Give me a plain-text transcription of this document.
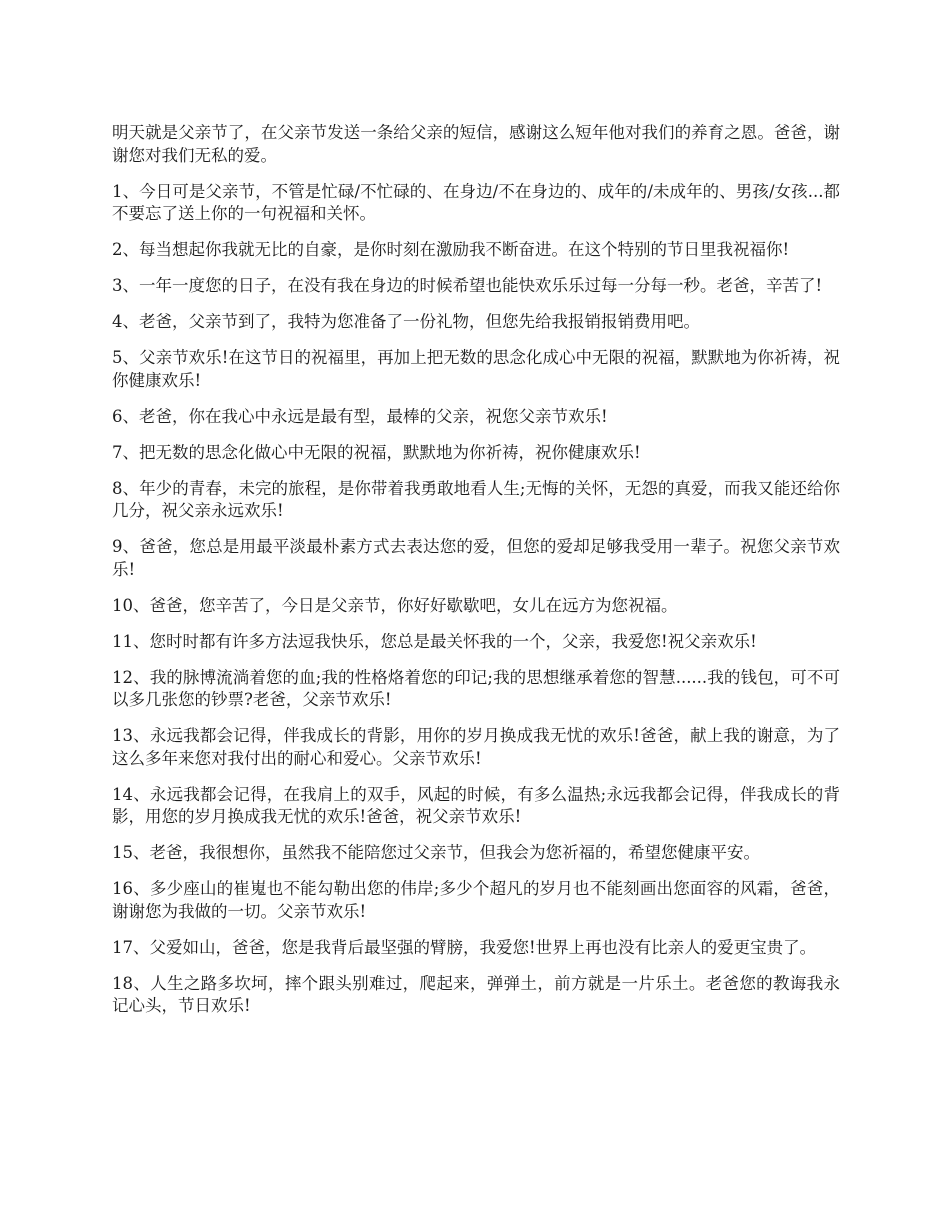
明天就是父亲节了，在父亲节发送一条给父亲的短信，感谢这么短年他对我们的养育之恩。爸爸，谢谢您对我们无私的爱。

1、今日可是父亲节，不管是忙碌/不忙碌的、在身边/不在身边的、成年的/未成年的、男孩/女孩...都不要忘了送上你的一句祝福和关怀。

2、每当想起你我就无比的自豪，是你时刻在激励我不断奋进。在这个特别的节日里我祝福你!

3、一年一度您的日子，在没有我在身边的时候希望也能快欢乐乐过每一分每一秒。老爸，辛苦了!

4、老爸，父亲节到了，我特为您准备了一份礼物，但您先给我报销报销费用吧。

5、父亲节欢乐!在这节日的祝福里，再加上把无数的思念化成心中无限的祝福，默默地为你祈祷，祝你健康欢乐!

6、老爸，你在我心中永远是最有型，最棒的父亲，祝您父亲节欢乐!

7、把无数的思念化做心中无限的祝福，默默地为你祈祷，祝你健康欢乐!

8、年少的青春，未完的旅程，是你带着我勇敢地看人生;无悔的关怀，无怨的真爱，而我又能还给你几分，祝父亲永远欢乐!

9、爸爸，您总是用最平淡最朴素方式去表达您的爱，但您的爱却足够我受用一辈子。祝您父亲节欢乐!

10、爸爸，您辛苦了，今日是父亲节，你好好歇歇吧，女儿在远方为您祝福。

11、您时时都有许多方法逗我快乐，您总是最关怀我的一个，父亲，我爱您!祝父亲欢乐!

12、我的脉博流淌着您的血;我的性格烙着您的印记;我的思想继承着您的智慧......我的钱包，可不可以多几张您的钞票?老爸，父亲节欢乐!

13、永远我都会记得，伴我成长的背影，用你的岁月换成我无忧的欢乐!爸爸，献上我的谢意，为了这么多年来您对我付出的耐心和爱心。父亲节欢乐!

14、永远我都会记得，在我肩上的双手，风起的时候，有多么温热;永远我都会记得，伴我成长的背影，用您的岁月换成我无忧的欢乐!爸爸，祝父亲节欢乐!

15、老爸，我很想你，虽然我不能陪您过父亲节，但我会为您祈福的，希望您健康平安。

16、多少座山的崔嵬也不能勾勒出您的伟岸;多少个超凡的岁月也不能刻画出您面容的风霜，爸爸，谢谢您为我做的一切。父亲节欢乐!

17、父爱如山，爸爸，您是我背后最坚强的臂膀，我爱您!世界上再也没有比亲人的爱更宝贵了。

18、人生之路多坎坷，摔个跟头别难过，爬起来，弹弹土，前方就是一片乐土。老爸您的教诲我永记心头，节日欢乐!
